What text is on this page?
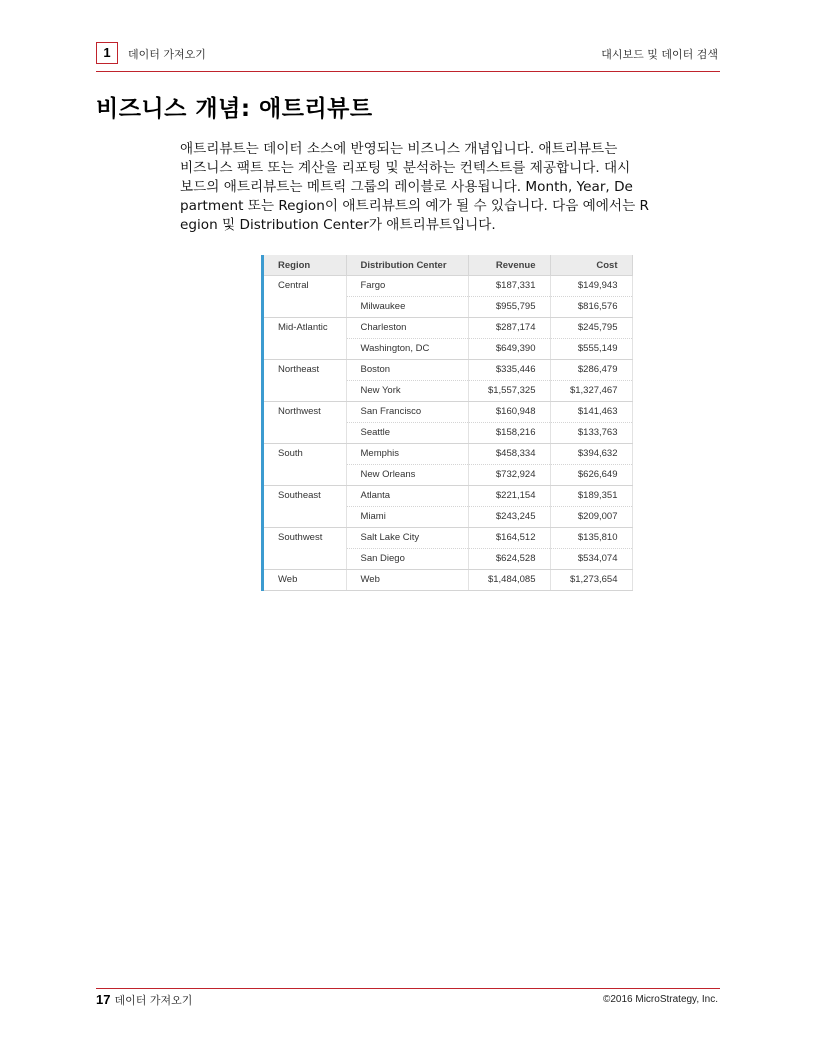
1	데이터 가져오기	대시보드 및 데이터 검색
비즈니스 개념: 애트리뷰트
애트리뷰트는 데이터 소스에 반영되는 비즈니스 개념입니다. 애트리뷰트는
비즈니스 팩트 또는 계산을 리포팅 및 분석하는 컨텍스트를 제공합니다. 대시
보드의 애트리뷰트는 메트릭 그룹의 레이블로 사용됩니다. Month, Year, De
partment 또는 Region이 애트리뷰트의 예가 될 수 있습니다. 다음 예에서는 R
egion 및 Distribution Center가 애트리뷰트입니다.
Region	Distribution Center	Revenue	Cost
Central	Fargo	$187,331	$149,943
	Milwaukee	$955,795	$816,576
Mid-Atlantic	Charleston	$287,174	$245,795
	Washington, DC	$649,390	$555,149
Northeast	Boston	$335,446	$286,479
	New York	$1,557,325	$1,327,467
Northwest	San Francisco	$160,948	$141,463
	Seattle	$158,216	$133,763
South	Memphis	$458,334	$394,632
	New Orleans	$732,924	$626,649
Southeast	Atlanta	$221,154	$189,351
	Miami	$243,245	$209,007
Southwest	Salt Lake City	$164,512	$135,810
	San Diego	$624,528	$534,074
Web	Web	$1,484,085	$1,273,654
17 데이터 가져오기	©2016 MicroStrategy, Inc.
